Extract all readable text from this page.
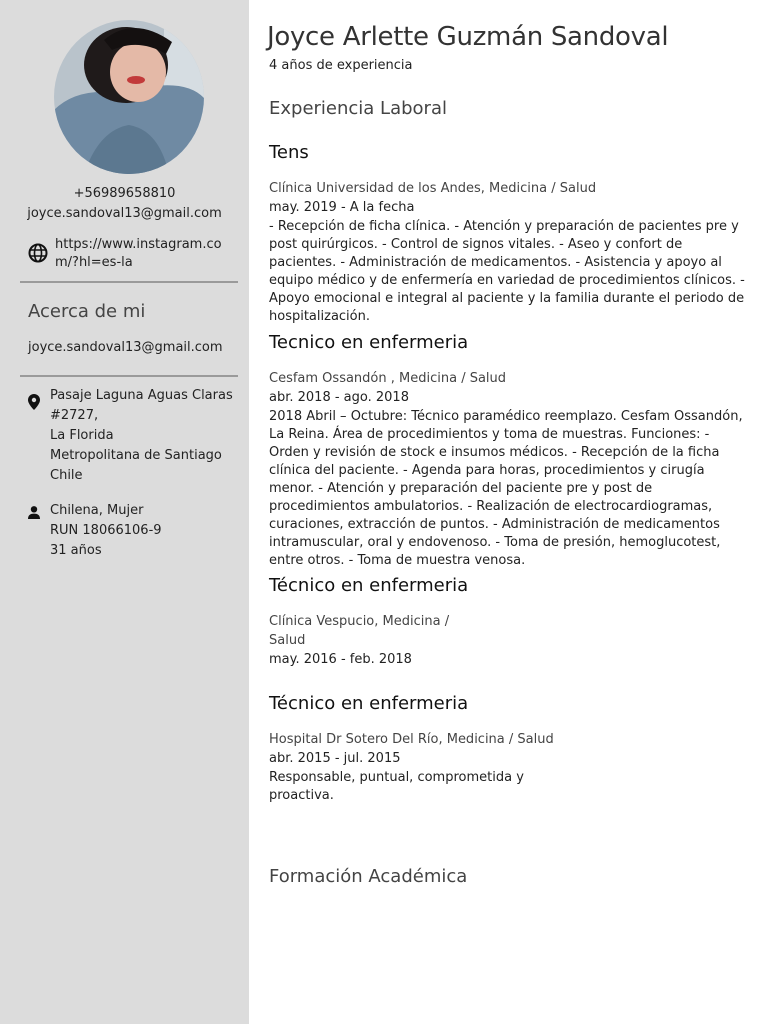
+56989658810
joyce.sandoval13@gmail.com
https://www.instagram.com/?hl=es-la
Acerca de mi
joyce.sandoval13@gmail.com
Pasaje Laguna Aguas Claras
#2727,
La Florida
Metropolitana de Santiago
Chile
Chilena, Mujer
RUN 18066106-9
31 años
Joyce Arlette Guzmán Sandoval
4 años de experiencia
Experiencia Laboral
Tens
Clínica Universidad de los Andes, Medicina / Salud
may. 2019 - A la fecha
- Recepción de ficha clínica. - Atención y preparación de pacientes pre y post quirúrgicos. - Control de signos vitales. - Aseo y confort de pacientes. - Administración de medicamentos. - Asistencia y apoyo al equipo médico y de enfermería en variedad de procedimientos clínicos. - Apoyo emocional e integral al paciente y la familia durante el periodo de hospitalización.
Tecnico en enfermeria
Cesfam Ossandón , Medicina / Salud
abr. 2018 - ago. 2018
2018 Abril – Octubre: Técnico paramédico reemplazo. Cesfam Ossandón, La Reina. Área de procedimientos y toma de muestras. Funciones: - Orden y revisión de stock e insumos médicos. - Recepción de la ficha clínica del paciente. - Agenda para horas, procedimientos y cirugía menor. - Atención y preparación del paciente pre y post de procedimientos ambulatorios. - Realización de electrocardiogramas, curaciones, extracción de puntos. - Administración de medicamentos intramuscular, oral y endovenoso. - Toma de presión, hemoglucotest, entre otros. - Toma de muestra venosa.
Técnico en enfermeria
Clínica Vespucio, Medicina / Salud
may. 2016 - feb. 2018
Técnico en enfermeria
Hospital Dr Sotero Del Río, Medicina / Salud
abr. 2015 - jul. 2015
Responsable, puntual, comprometida y proactiva.
Formación Académica
